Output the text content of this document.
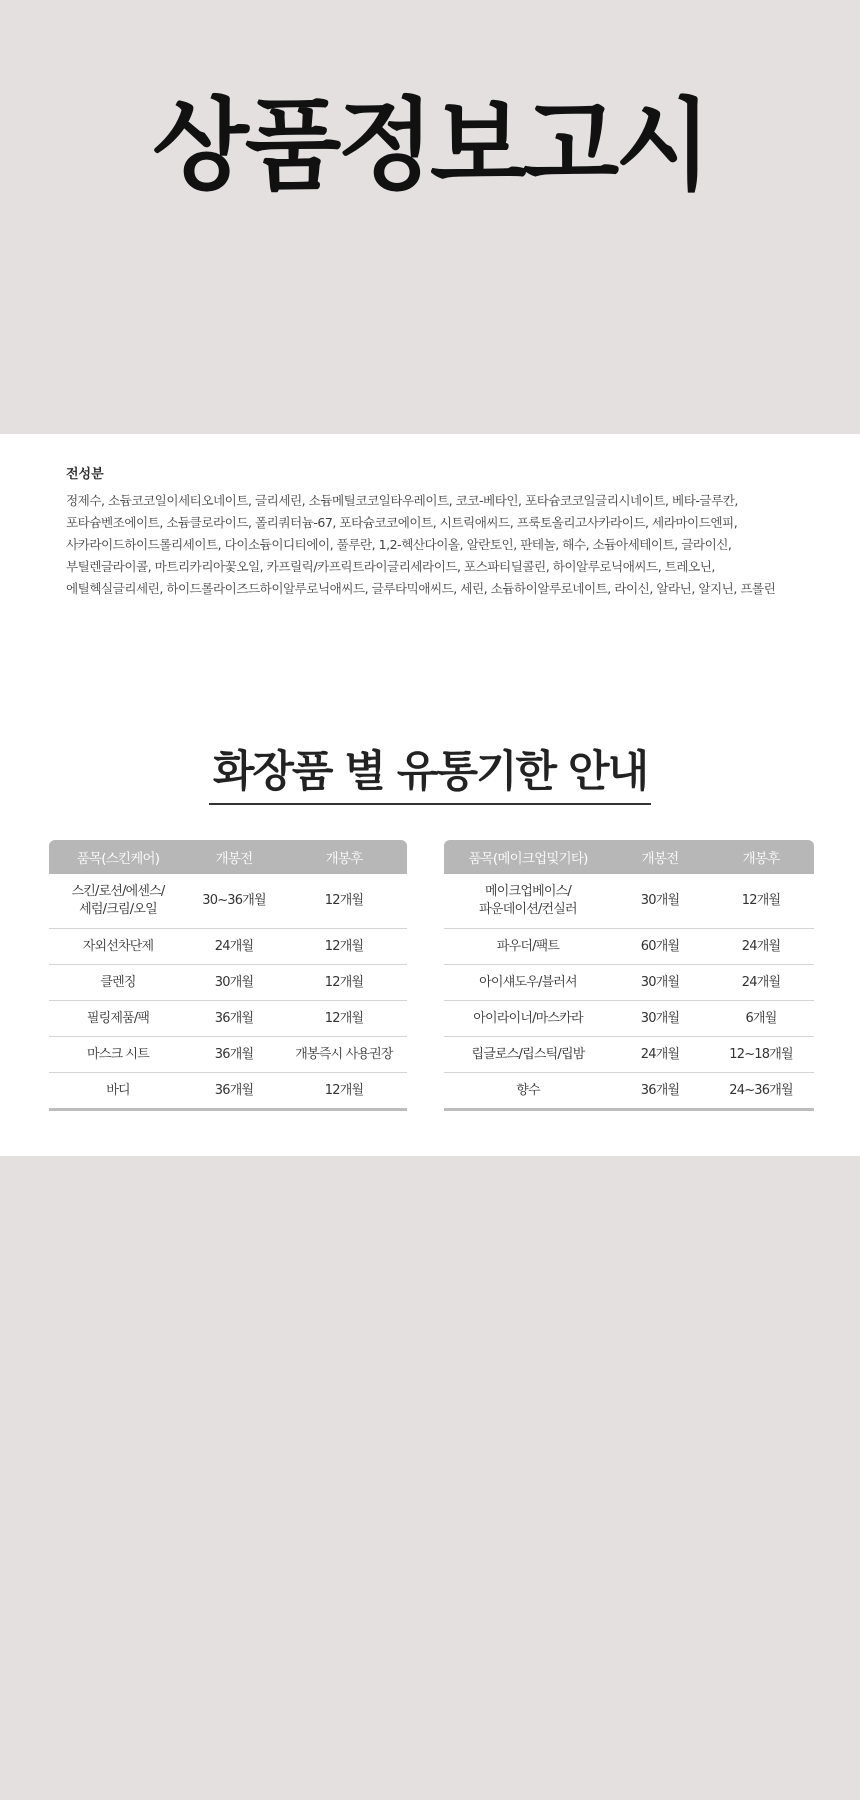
상품정보고시

전성분

정제수, 소듐코코일이세티오네이트, 글리세린, 소듐메틸코코일타우레이트, 코코-베타인, 포타슘코코일글리시네이트, 베타-글루칸, 포타슘벤조에이트, 소듐클로라이드, 폴리쿼터늄-67, 포타슘코코에이트, 시트릭애씨드, 프룩토올리고사카라이드, 세라마이드엔피, 사카라이드하이드롤리세이트, 다이소듐이디티에이, 풀루란, 1,2-헥산다이올, 알란토인, 판테놀, 해수, 소듐아세테이트, 글라이신, 부틸렌글라이콜, 마트리카리아꽃오일, 카프릴릭/카프릭트라이글리세라이드, 포스파티딜콜린, 하이알루로닉애씨드, 트레오닌, 에틸헥실글리세린, 하이드롤라이즈드하이알루로닉애씨드, 글루타믹애씨드, 세린, 소듐하이알루로네이트, 라이신, 알라닌, 알지닌, 프롤린

화장품 별 유통기한 안내
품목(스킨케어)	개봉전	개봉후
스킨/로션/에센스/
세럼/크림/오일	30~36개월	12개월
자외선차단제	24개월	12개월
클렌징	30개월	12개월
필링제품/팩	36개월	12개월
마스크 시트	36개월	개봉즉시 사용권장
바디	36개월	12개월
품목(메이크업및기타)	개봉전	개봉후
메이크업베이스/
파운데이션/컨실러	30개월	12개월
파우더/팩트	60개월	24개월
아이섀도우/블러셔	30개월	24개월
아이라이너/마스카라	30개월	6개월
립글로스/립스틱/립밤	24개월	12~18개월
향수	36개월	24~36개월
